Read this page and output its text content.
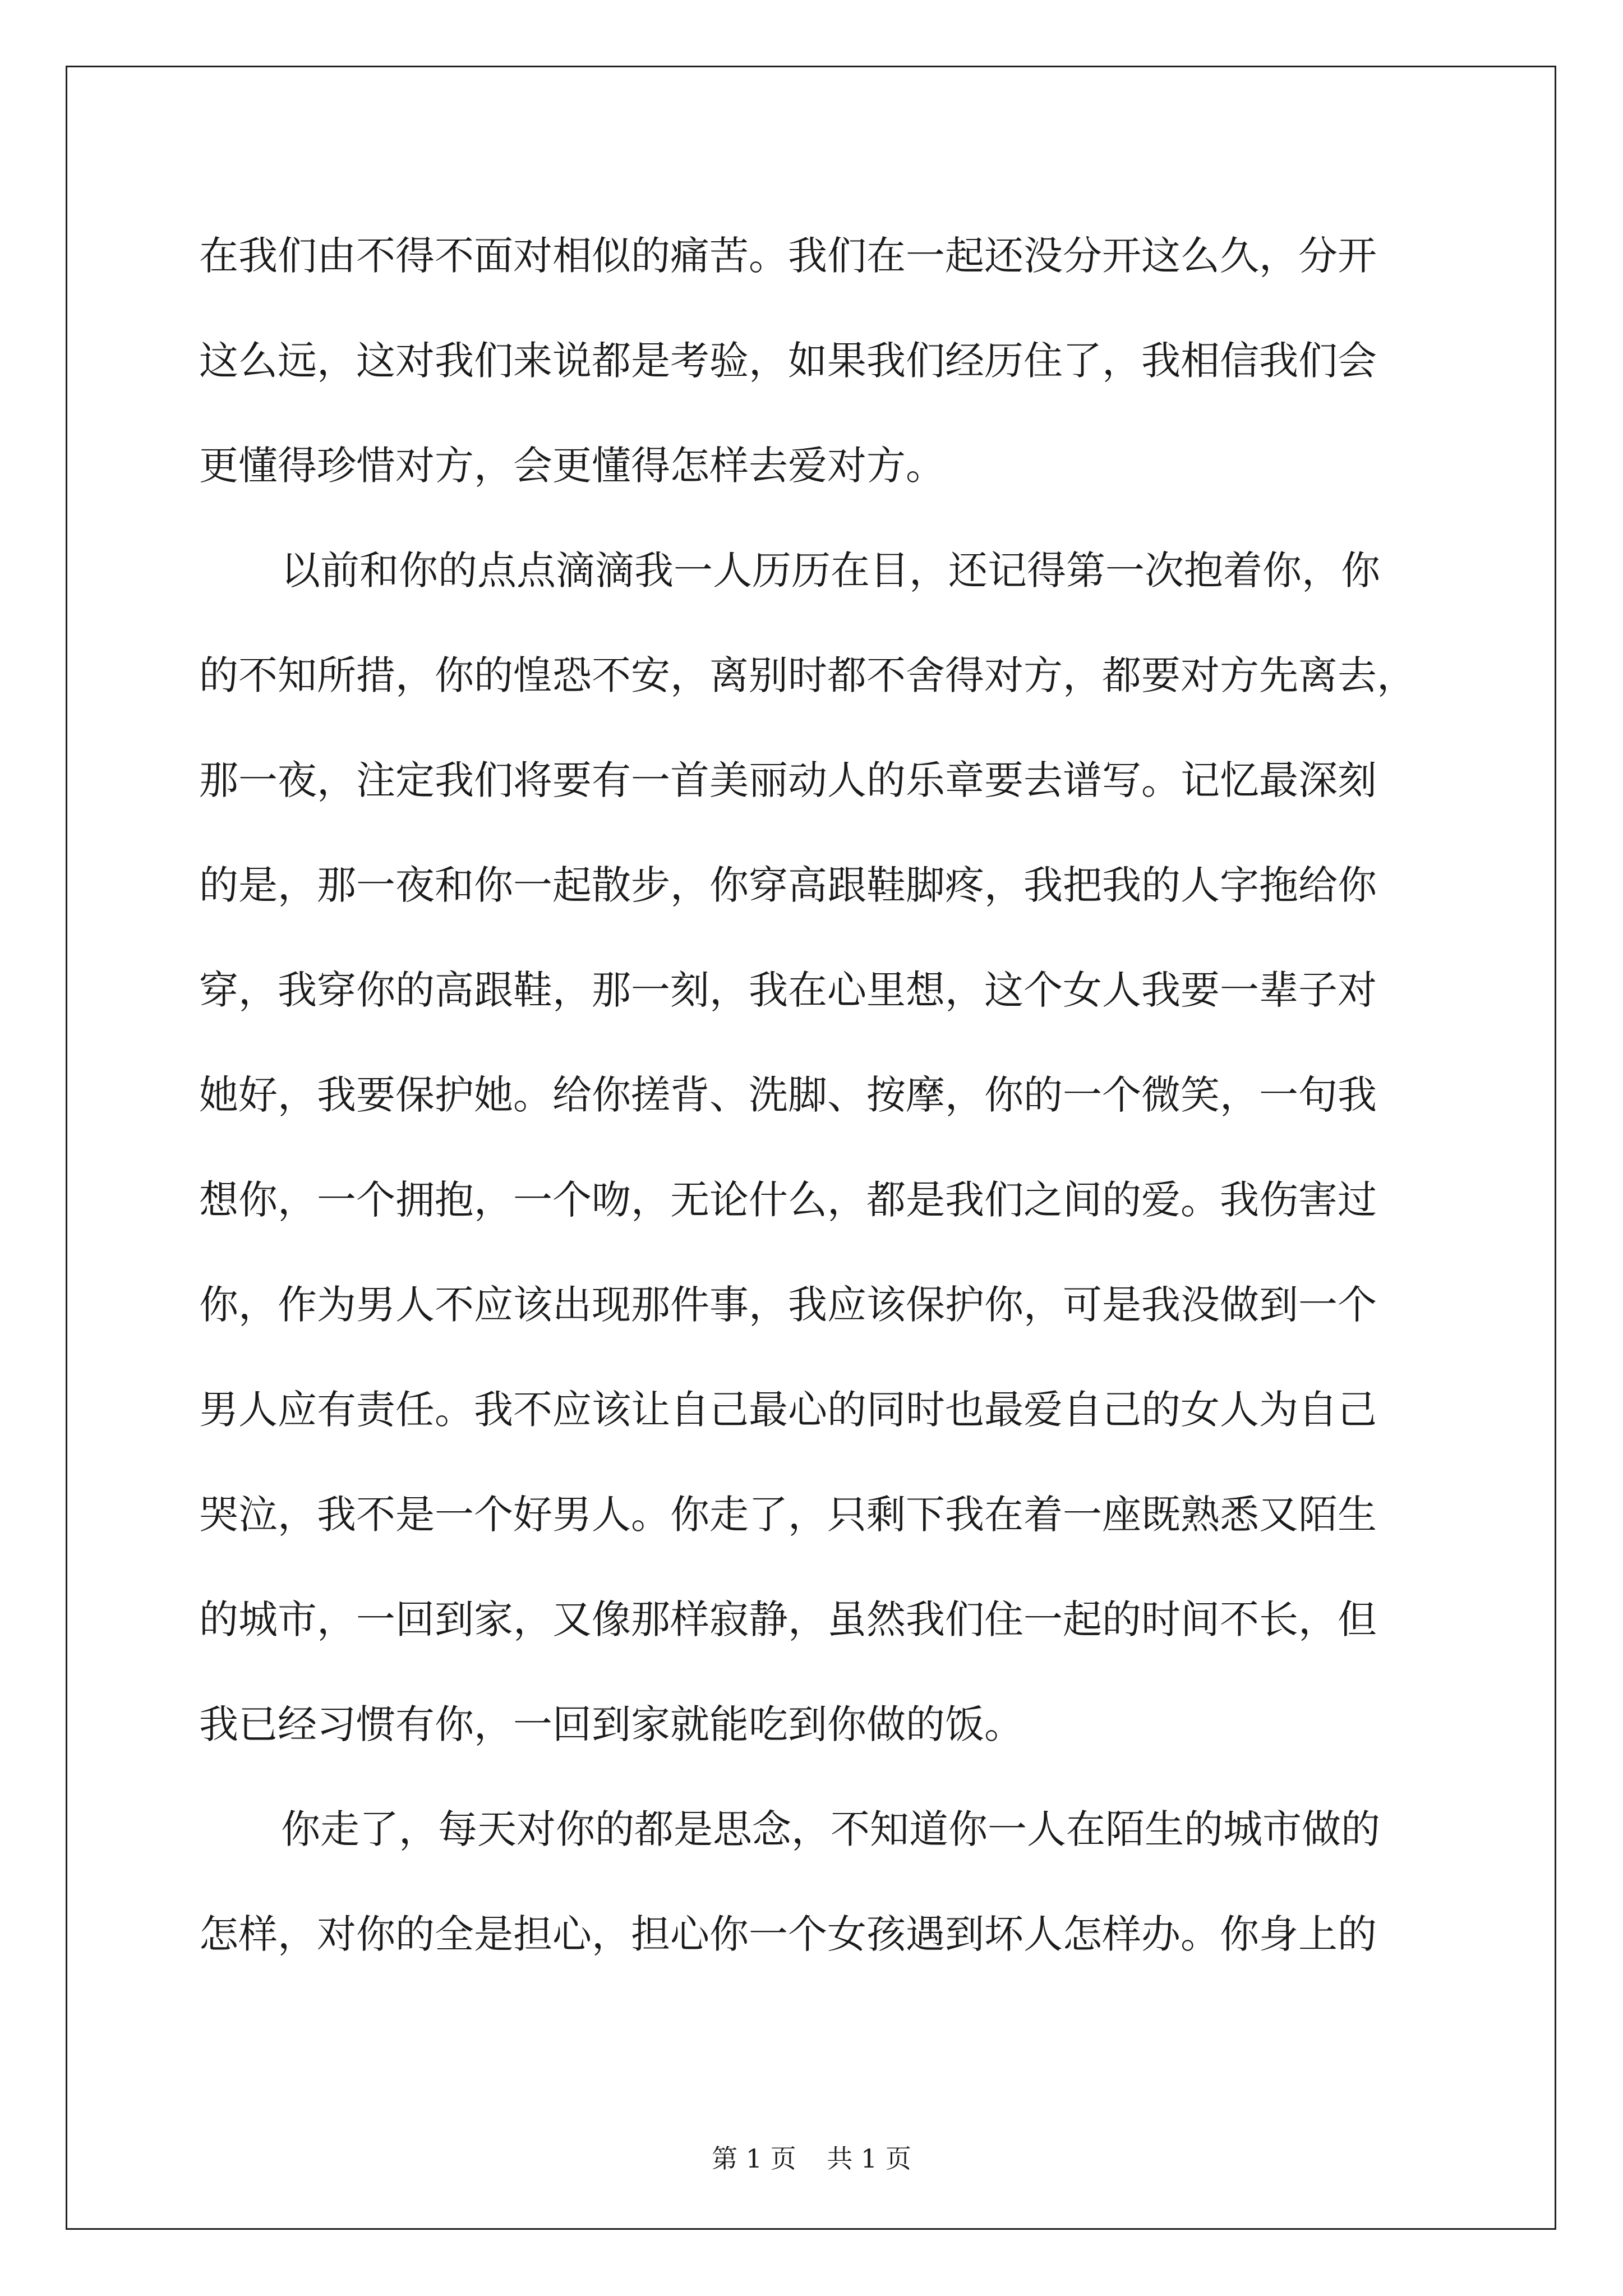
在我们由不得不面对相似的痛苦。我们在一起还没分开这么久，分开
这么远，这对我们来说都是考验，如果我们经历住了，我相信我们会
更懂得珍惜对方，会更懂得怎样去爱对方。
以前和你的点点滴滴我一人历历在目，还记得第一次抱着你，你
的不知所措，你的惶恐不安，离别时都不舍得对方，都要对方先离去，
那一夜，注定我们将要有一首美丽动人的乐章要去谱写。记忆最深刻
的是，那一夜和你一起散步，你穿高跟鞋脚疼，我把我的人字拖给你
穿，我穿你的高跟鞋，那一刻，我在心里想，这个女人我要一辈子对
她好，我要保护她。给你搓背、洗脚、按摩，你的一个微笑，一句我
想你，一个拥抱，一个吻，无论什么，都是我们之间的爱。我伤害过
你，作为男人不应该出现那件事，我应该保护你，可是我没做到一个
男人应有责任。我不应该让自己最心的同时也最爱自己的女人为自己
哭泣，我不是一个好男人。你走了，只剩下我在着一座既熟悉又陌生
的城市，一回到家，又像那样寂静，虽然我们住一起的时间不长，但
我已经习惯有你，一回到家就能吃到你做的饭。
你走了，每天对你的都是思念，不知道你一人在陌生的城市做的
怎样，对你的全是担心，担心你一个女孩遇到坏人怎样办。你身上的
第 1 页 共 1 页
